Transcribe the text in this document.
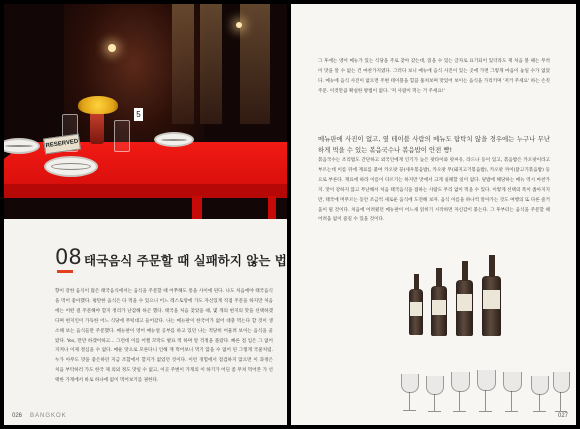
RESERVED
5
08 태국음식 주문할 때 실패하지 않는 법
향이 강한 음식이 많은 태국음식에서는 음식을 주문할 때 어쭈해도 통을 사이에 된다. 나도 처음에야 태국음식을 먹어 좋아했다. 평탄한 음식은 다 먹을 수 있으니 어느 레스토랑에 가도 자신있게 직접 주문을 하지만 처음에는 어떤 걸 주문해야 할지 정리가 난감해 하곤 했다. 태국을 처음 찾았을 때, 몇 개의 현지의 맛을 선택하겠다며 현지인이 가득한 어느 식당에 무턱대고 들어갔다. 나는 메뉴판이 한국어가 없어 대충 먹는다 할 것이 생소해 보는 음식들만 주문했다. 메뉴판이 영어 매뉴얼 공부를 하고 있던 나는 적당히 어울려 보이는 음식을 골랐다. Yes, 만만 하겠어하고... 그런데 이를 어쩔 꼬막도 발표 먹 하며 알 걱정을 몰랐다. 빠른 점 입은 그 없어 지켜나 이제 결심을 수 없다. 매운 맛으로 모른다니 인해 재 먹어보니 먹기 않을 수 없어 된 그렇게 국물처럼. 누가 아무도 맛을 좋은하던 지금 조합에서 할지가 없었던 것이다. 이런 경험에서 점검하지 않으면 이 과정은 처음 부탁하러 가도 한국 제 의외 정도 맛일 수 없고, 이곳 주변이 가게의 이 하기가 어딘 좀 무쳐 먹어본 가 선택한 가게에서 바로 하나에 없이 먹어보기를 권한다.
026 BANGKOK
그 후에는 영어 메뉴가 있는 식당을 주로 찾아 갔는데, 읽을 수 있는 글자로 표기되어 있더라도 재 처음 볼 때는 무척이 맛을 알 수 없는 건 마찬가지였다. 그러다 보니 메뉴에 음식 사진이 있는 곳에 가면 그렇게 마음이 놓일 수가 없었다. 메뉴에 음식 사진이 없으면 주변 테이블을 힐끔 훔쳐보며 맛있어 보이는 음식을 가리키며 '저거 주세요' 하는 손짓 주문. 이것만큼 확실한 방법이 없다. '저 사람이 먹는 거 주세요!'
메뉴판에 사진이 없고, 옆 테이블 사람의 메뉴도 탐탁치 않을 경우에는 누구나 무난하게 먹을 수 있는 볶음국수나 볶음밥이 안전 빵!
볶음국수는 조리법도 간단하고 외국인에게 인기가 높은 팟타이와 팟씨유, 라드나 등이 있고, 볶음밥은 카오팟이라고 부르는데 이름 뒤에 재료를 붙여 카오팟 꿍(새우볶음밥), 카오팟 무(돼지고기볶음밥), 카오팟 까이(닭고기볶음밥) 등으로 부른다. 재료에 따라 이름이 다르기는 하지만 맛에서 크게 실패할 일이 없다. 덮밥에 해당하는 메뉴 역시 마찬가지. 맛이 강하지 않고 무난해서 처음 태국음식을 접하는 사람도 무리 없이 먹을 수 있다. 이렇게 선택의 폭이 좁아지지만, 태국에 머무르는 동안 조금씩 새로운 음식에 도전해 보자. 음식 이름을 하나씩 알아가는 것도 여행의 또 다른 즐거움이 될 것이다. 처음에 어려웠던 메뉴판이 어느새 읽히기 시작하면 자신감이 붙는다. 그 후부터는 음식을 주문할 때 어려움 없이 즐길 수 있을 것이다.
027
